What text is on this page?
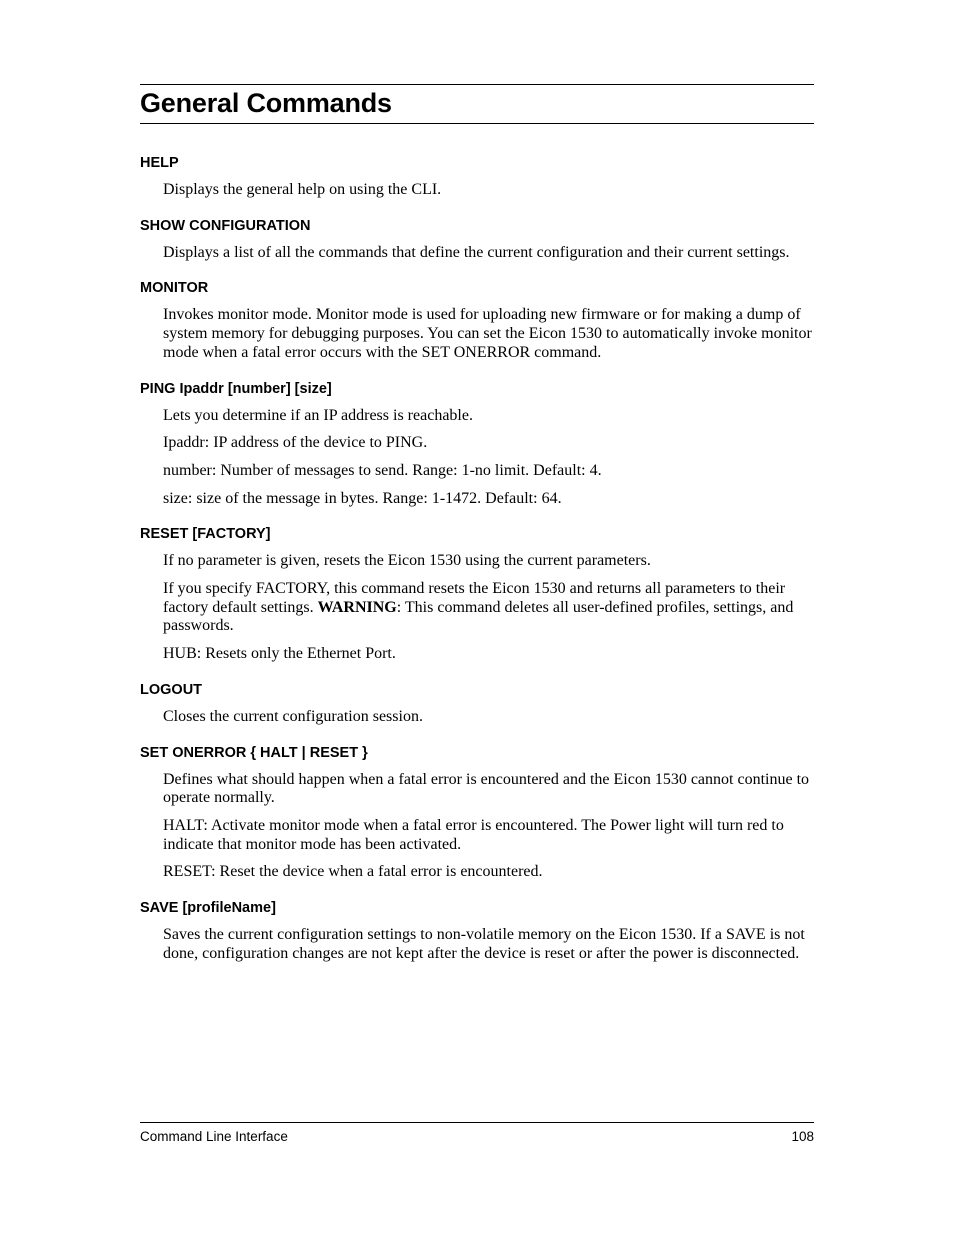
General Commands
HELP

Displays the general help on using the CLI.

SHOW CONFIGURATION

Displays a list of all the commands that define the current configuration and their current settings.

MONITOR

Invokes monitor mode. Monitor mode is used for uploading new firmware or for making a dump of system memory for debugging purposes. You can set the Eicon 1530 to automatically invoke monitor mode when a fatal error occurs with the SET ONERROR command.

PING Ipaddr [number] [size]

Lets you determine if an IP address is reachable.

Ipaddr: IP address of the device to PING.

number: Number of messages to send. Range: 1-no limit. Default: 4.

size: size of the message in bytes. Range: 1-1472. Default: 64.

RESET [FACTORY]

If no parameter is given, resets the Eicon 1530 using the current parameters.

If you specify FACTORY, this command resets the Eicon 1530 and returns all parameters to their factory default settings. WARNING: This command deletes all user-defined profiles, settings, and passwords.

HUB: Resets only the Ethernet Port.

LOGOUT

Closes the current configuration session.

SET ONERROR { HALT | RESET }

Defines what should happen when a fatal error is encountered and the Eicon 1530 cannot continue to operate normally.

HALT: Activate monitor mode when a fatal error is encountered. The Power light will turn red to indicate that monitor mode has been activated.

RESET: Reset the device when a fatal error is encountered.

SAVE [profileName]

Saves the current configuration settings to non-volatile memory on the Eicon 1530. If a SAVE is not done, configuration changes are not kept after the device is reset or after the power is disconnected.

Command Line Interface	108
